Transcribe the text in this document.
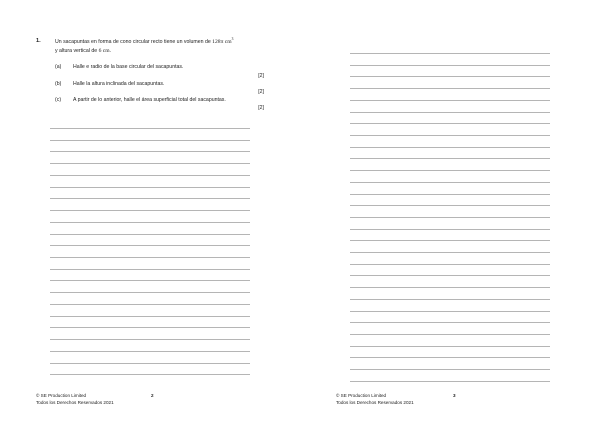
1.	Un sacapuntas en forma de cono circular recto tiene un volumen de 128π $cm^3$
y altura vertical de 6 cm.
(a) Halle e radio de la base circular del sacapuntas.
[2]
(b) Halle la altura inclinada del sacapuntas.
[2]
(c) A partir de lo anterior, halle el área superficial total del sacapuntas.
[2]
© SE Production Limited
Todos los Derechos Reservados 2021
2	© SE Production Limited
Todos los Derechos Reservados 2021
3
